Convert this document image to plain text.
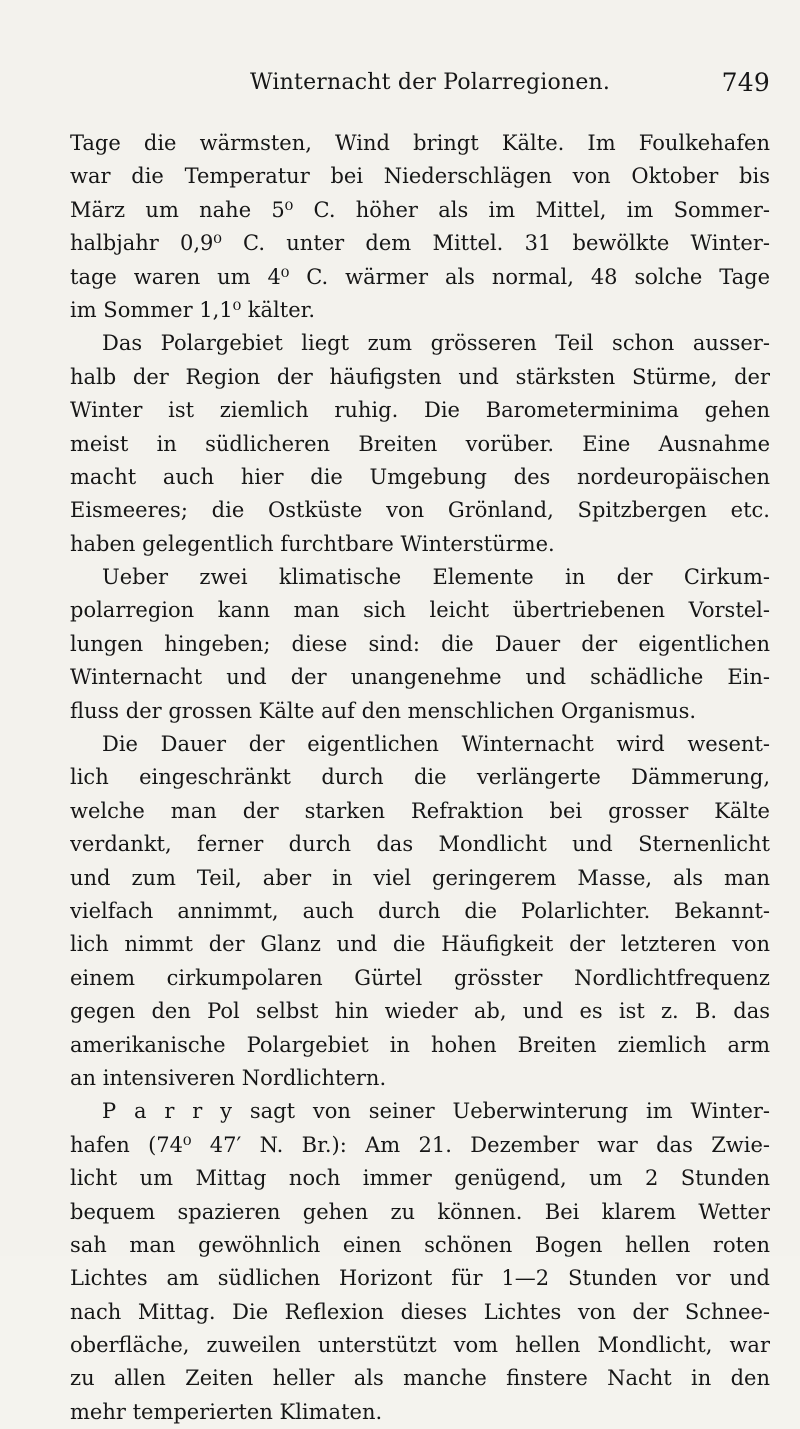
Winternacht der Polarregionen.	749
Tage die wärmsten, Wind bringt Kälte. Im Foulkehafen
war die Temperatur bei Niederschlägen von Oktober bis
März um nahe 5⁰ C. höher als im Mittel, im Sommer-
halbjahr 0,9⁰ C. unter dem Mittel. 31 bewölkte Winter-
tage waren um 4⁰ C. wärmer als normal, 48 solche Tage
im Sommer 1,1⁰ kälter.
Das Polargebiet liegt zum grösseren Teil schon ausser-
halb der Region der häufigsten und stärksten Stürme, der
Winter ist ziemlich ruhig. Die Barometerminima gehen
meist in südlicheren Breiten vorüber. Eine Ausnahme
macht auch hier die Umgebung des nordeuropäischen
Eismeeres; die Ostküste von Grönland, Spitzbergen etc.
haben gelegentlich furchtbare Winterstürme.
Ueber zwei klimatische Elemente in der Cirkum-
polarregion kann man sich leicht übertriebenen Vorstel-
lungen hingeben; diese sind: die Dauer der eigentlichen
Winternacht und der unangenehme und schädliche Ein-
fluss der grossen Kälte auf den menschlichen Organismus.
Die Dauer der eigentlichen Winternacht wird wesent-
lich eingeschränkt durch die verlängerte Dämmerung,
welche man der starken Refraktion bei grosser Kälte
verdankt, ferner durch das Mondlicht und Sternenlicht
und zum Teil, aber in viel geringerem Masse, als man
vielfach annimmt, auch durch die Polarlichter. Bekannt-
lich nimmt der Glanz und die Häufigkeit der letzteren von
einem cirkumpolaren Gürtel grösster Nordlichtfrequenz
gegen den Pol selbst hin wieder ab, und es ist z. B. das
amerikanische Polargebiet in hohen Breiten ziemlich arm
an intensiveren Nordlichtern.
P a r r y sagt von seiner Ueberwinterung im Winter-
hafen (74⁰ 47′ N. Br.): Am 21. Dezember war das Zwie-
licht um Mittag noch immer genügend, um 2 Stunden
bequem spazieren gehen zu können. Bei klarem Wetter
sah man gewöhnlich einen schönen Bogen hellen roten
Lichtes am südlichen Horizont für 1—2 Stunden vor und
nach Mittag. Die Reflexion dieses Lichtes von der Schnee-
oberfläche, zuweilen unterstützt vom hellen Mondlicht, war
zu allen Zeiten heller als manche finstere Nacht in den
mehr temperierten Klimaten.
